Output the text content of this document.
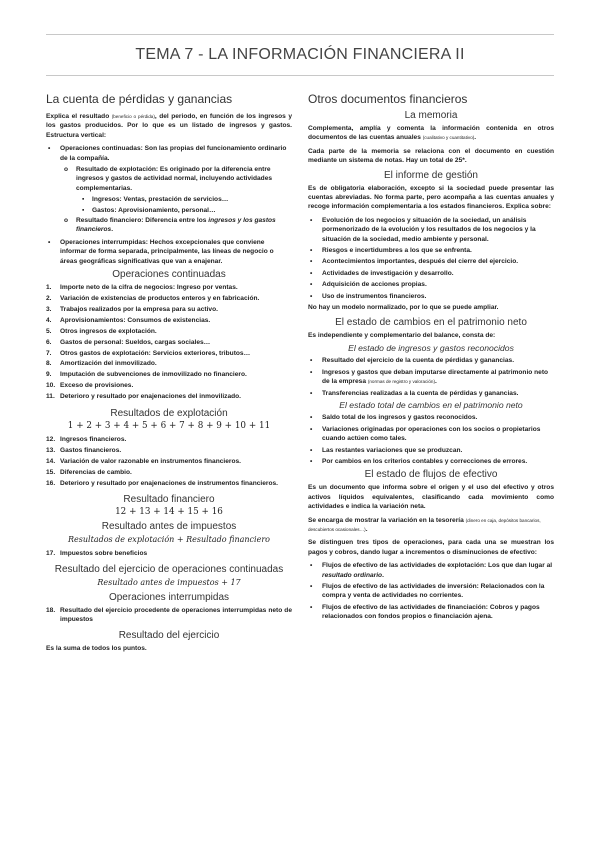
TEMA 7 - LA INFORMACIÓN FINANCIERA II
La cuenta de pérdidas y ganancias

Explica el resultado (beneficio o pérdida), del periodo, en función de los ingresos y los gastos producidos. Por lo que es un listado de ingresos y gastos. Estructura vertical:

• Operaciones continuadas: Son las propias del funcionamiento ordinario de la compañía.
o Resultado de explotación: Es originado por la diferencia entre ingresos y gastos de actividad normal, incluyendo actividades complementarias.
▪ Ingresos: Ventas, prestación de servicios…
▪ Gastos: Aprovisionamiento, personal…
o Resultado financiero: Diferencia entre los ingresos y los gastos financieros.
• Operaciones interrumpidas: Hechos excepcionales que conviene informar de forma separada, principalmente, las líneas de negocio o áreas geográficas significativas que van a enajenar.
Operaciones continuadas
1. Importe neto de la cifra de negocios: Ingreso por ventas.
2. Variación de existencias de productos enteros y en fabricación.
3. Trabajos realizados por la empresa para su activo.
4. Aprovisionamientos: Consumos de existencias.
5. Otros ingresos de explotación.
6. Gastos de personal: Sueldos, cargas sociales…
7. Otros gastos de explotación: Servicios exteriores, tributos…
8. Amortización del inmovilizado.
9. Imputación de subvenciones de inmovilizado no financiero.
10. Exceso de provisiones.
11. Deterioro y resultado por enajenaciones del inmovilizado.
Resultados de explotación
1 + 2 + 3 + 4 + 5 + 6 + 7 + 8 + 9 + 10 + 11
12. Ingresos financieros.
13. Gastos financieros.
14. Variación de valor razonable en instrumentos financieros.
15. Diferencias de cambio.
16. Deterioro y resultado por enajenaciones de instrumentos financieros.
Resultado financiero
12 + 13 + 14 + 15 + 16
Resultado antes de impuestos
Resultados de explotación + Resultado financiero
17. Impuestos sobre beneficios
Resultado del ejercicio de operaciones continuadas
Resultado antes de impuestos + 17
Operaciones interrumpidas
18. Resultado del ejercicio procedente de operaciones interrumpidas neto de impuestos
Resultado del ejercicio

Es la suma de todos los puntos.

Otros documentos financieros
La memoria

Complementa, amplía y comenta la información contenida en otros documentos de las cuentas anuales (cualitativo y cuantitativo).

Cada parte de la memoria se relaciona con el documento en cuestión mediante un sistema de notas. Hay un total de 25*.

El informe de gestión

Es de obligatoria elaboración, excepto si la sociedad puede presentar las cuentas abreviadas. No forma parte, pero acompaña a las cuentas anuales y recoge información complementaria a los estados financieros. Explica sobre:

• Evolución de los negocios y situación de la sociedad, un análisis pormenorizado de la evolución y los resultados de los negocios y la situación de la sociedad, medio ambiente y personal.
• Riesgos e incertidumbres a los que se enfrenta.
• Acontecimientos importantes, después del cierre del ejercicio.
• Actividades de investigación y desarrollo.
• Adquisición de acciones propias.
• Uso de instrumentos financieros.

No hay un modelo normalizado, por lo que se puede ampliar.

El estado de cambios en el patrimonio neto

Es independiente y complementario del balance, consta de:

El estado de ingresos y gastos reconocidos
• Resultado del ejercicio de la cuenta de pérdidas y ganancias.
• Ingresos y gastos que deban imputarse directamente al patrimonio neto de la empresa (normas de registro y valoración).
• Transferencias realizadas a la cuenta de pérdidas y ganancias.
El estado total de cambios en el patrimonio neto
• Saldo total de los ingresos y gastos reconocidos.
• Variaciones originadas por operaciones con los socios o propietarios cuando actúen como tales.
• Las restantes variaciones que se produzcan.
• Por cambios en los criterios contables y correcciones de errores.
El estado de flujos de efectivo

Es un documento que informa sobre el origen y el uso del efectivo y otros activos líquidos equivalentes, clasificando cada movimiento como actividades e indica la variación neta.

Se encarga de mostrar la variación en la tesorería (dinero en caja, depósitos bancarios, descubiertos ocasionales…).

Se distinguen tres tipos de operaciones, para cada una se muestran los pagos y cobros, dando lugar a incrementos o disminuciones de efectivo:

• Flujos de efectivo de las actividades de explotación: Los que dan lugar al resultado ordinario.
• Flujos de efectivo de las actividades de inversión: Relacionados con la compra y venta de actividades no corrientes.
• Flujos de efectivo de las actividades de financiación: Cobros y pagos relacionados con fondos propios o financiación ajena.
